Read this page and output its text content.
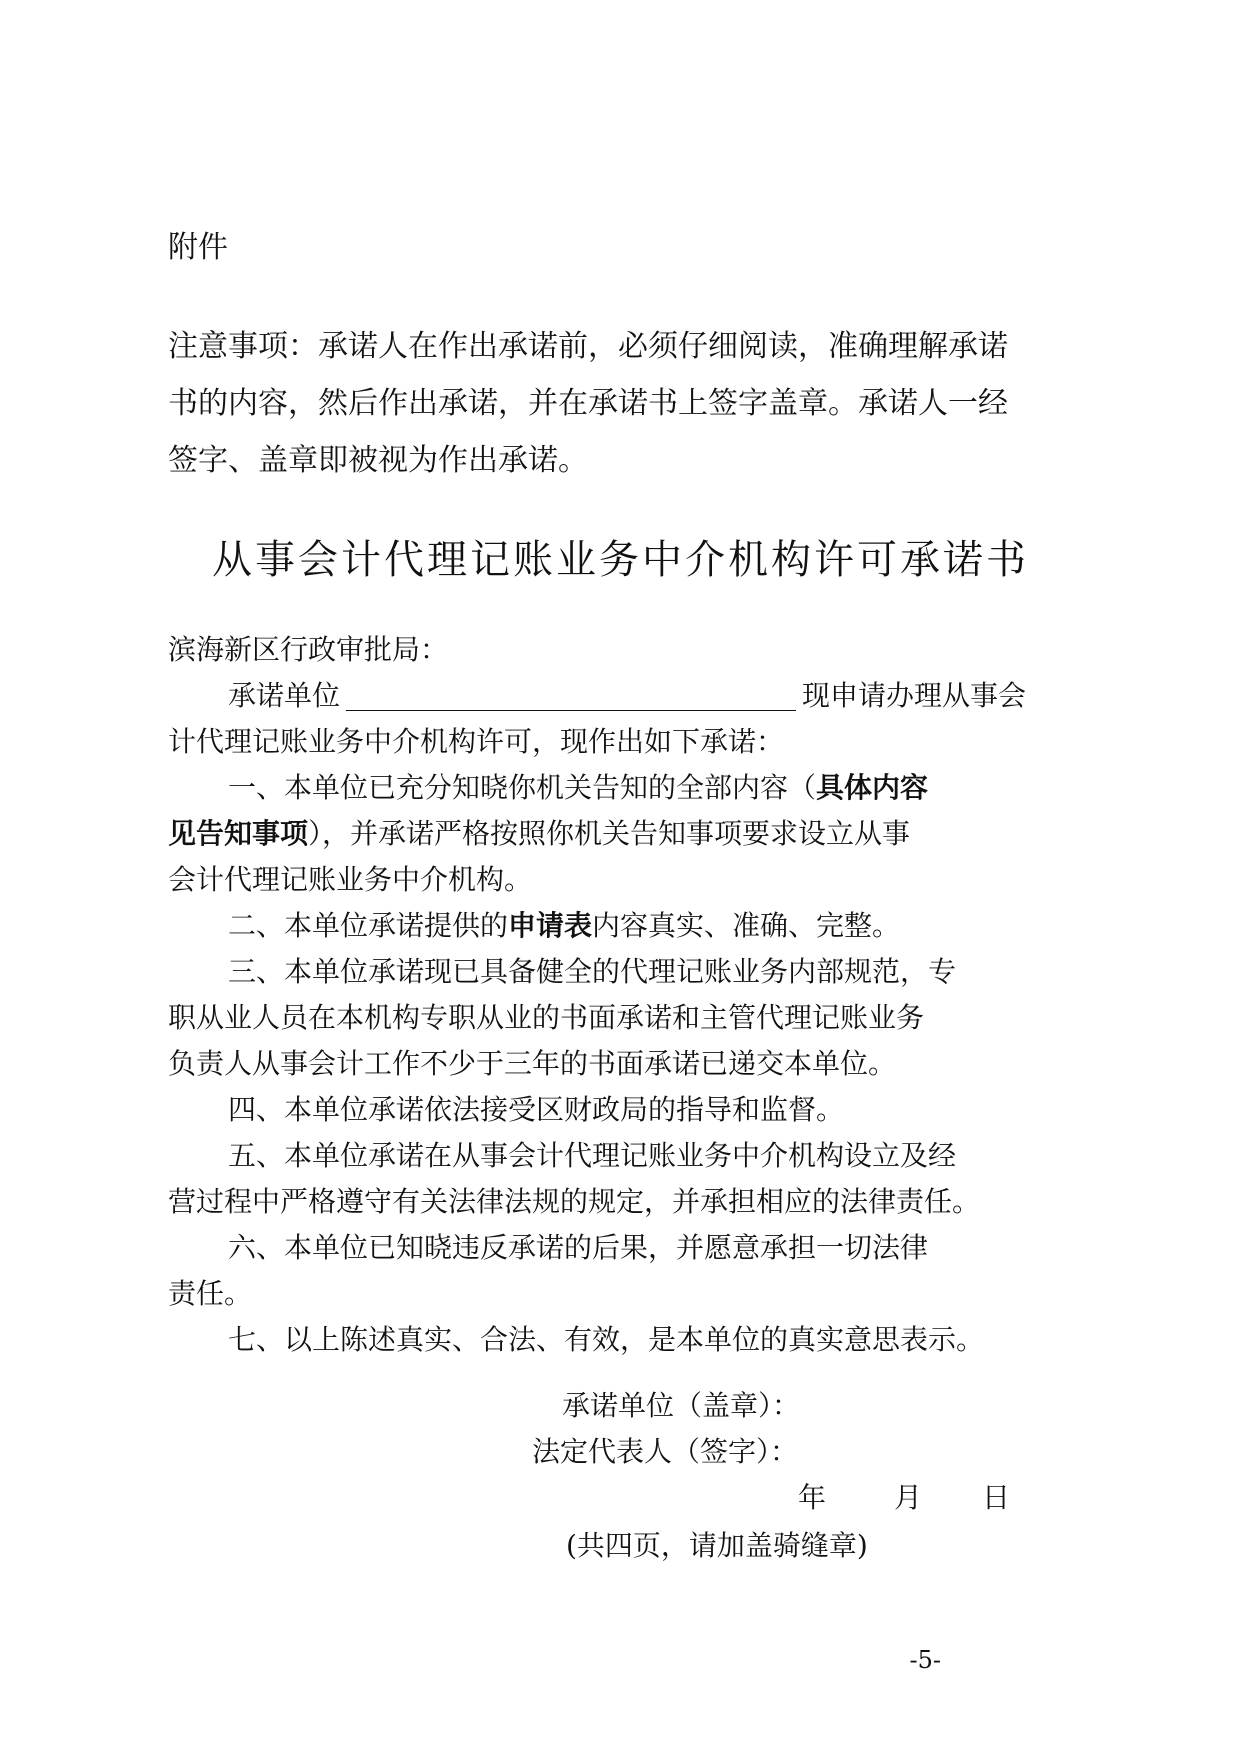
附件
注意事项：承诺人在作出承诺前，必须仔细阅读，准确理解承诺
书的内容，然后作出承诺，并在承诺书上签字盖章。承诺人一经
签字、盖章即被视为作出承诺。
从事会计代理记账业务中介机构许可承诺书
滨海新区行政审批局：
承诺单位	现申请办理从事会
计代理记账业务中介机构许可，现作出如下承诺：
一、本单位已充分知晓你机关告知的全部内容（具体内容
见告知事项），并承诺严格按照你机关告知事项要求设立从事
会计代理记账业务中介机构。
二、本单位承诺提供的申请表内容真实、准确、完整。
三、本单位承诺现已具备健全的代理记账业务内部规范，专
职从业人员在本机构专职从业的书面承诺和主管代理记账业务
负责人从事会计工作不少于三年的书面承诺已递交本单位。
四、本单位承诺依法接受区财政局的指导和监督。
五、本单位承诺在从事会计代理记账业务中介机构设立及经
营过程中严格遵守有关法律法规的规定，并承担相应的法律责任。
六、本单位已知晓违反承诺的后果，并愿意承担一切法律
责任。
七、以上陈述真实、合法、有效，是本单位的真实意思表示。
承诺单位（盖章）：
法定代表人（签字）：
年 月 日
(共四页，请加盖骑缝章)
-5-
